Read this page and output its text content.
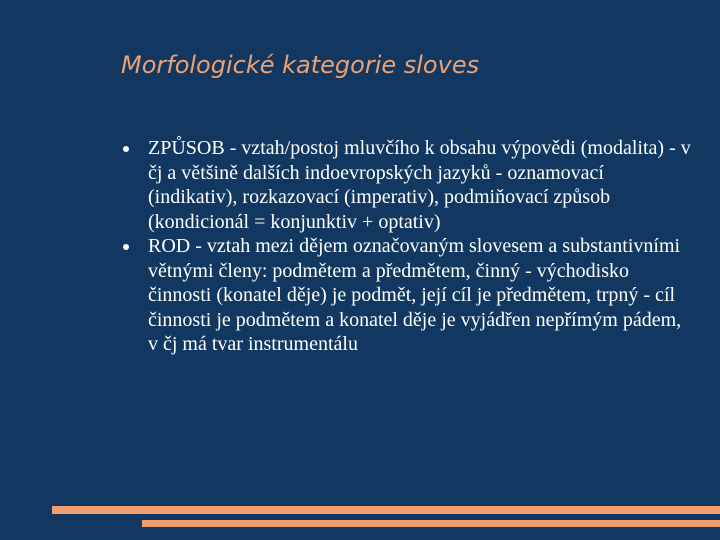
Morfologické kategorie sloves
ZPŮSOB - vztah/postoj mluvčího k obsahu výpovědi (modalita) - v čj a většině dalších indoevropských jazyků - oznamovací (indikativ), rozkazovací (imperativ), podmiňovací způsob (kondicionál = konjunktiv + optativ)
ROD - vztah mezi dějem označovaným slovesem a substantivními větnými členy: podmětem a předmětem, činný - východisko činnosti (konatel děje) je podmět, její cíl je předmětem, trpný - cíl činnosti je podmětem a konatel děje je vyjádřen nepřímým pádem, v čj má tvar instrumentálu
